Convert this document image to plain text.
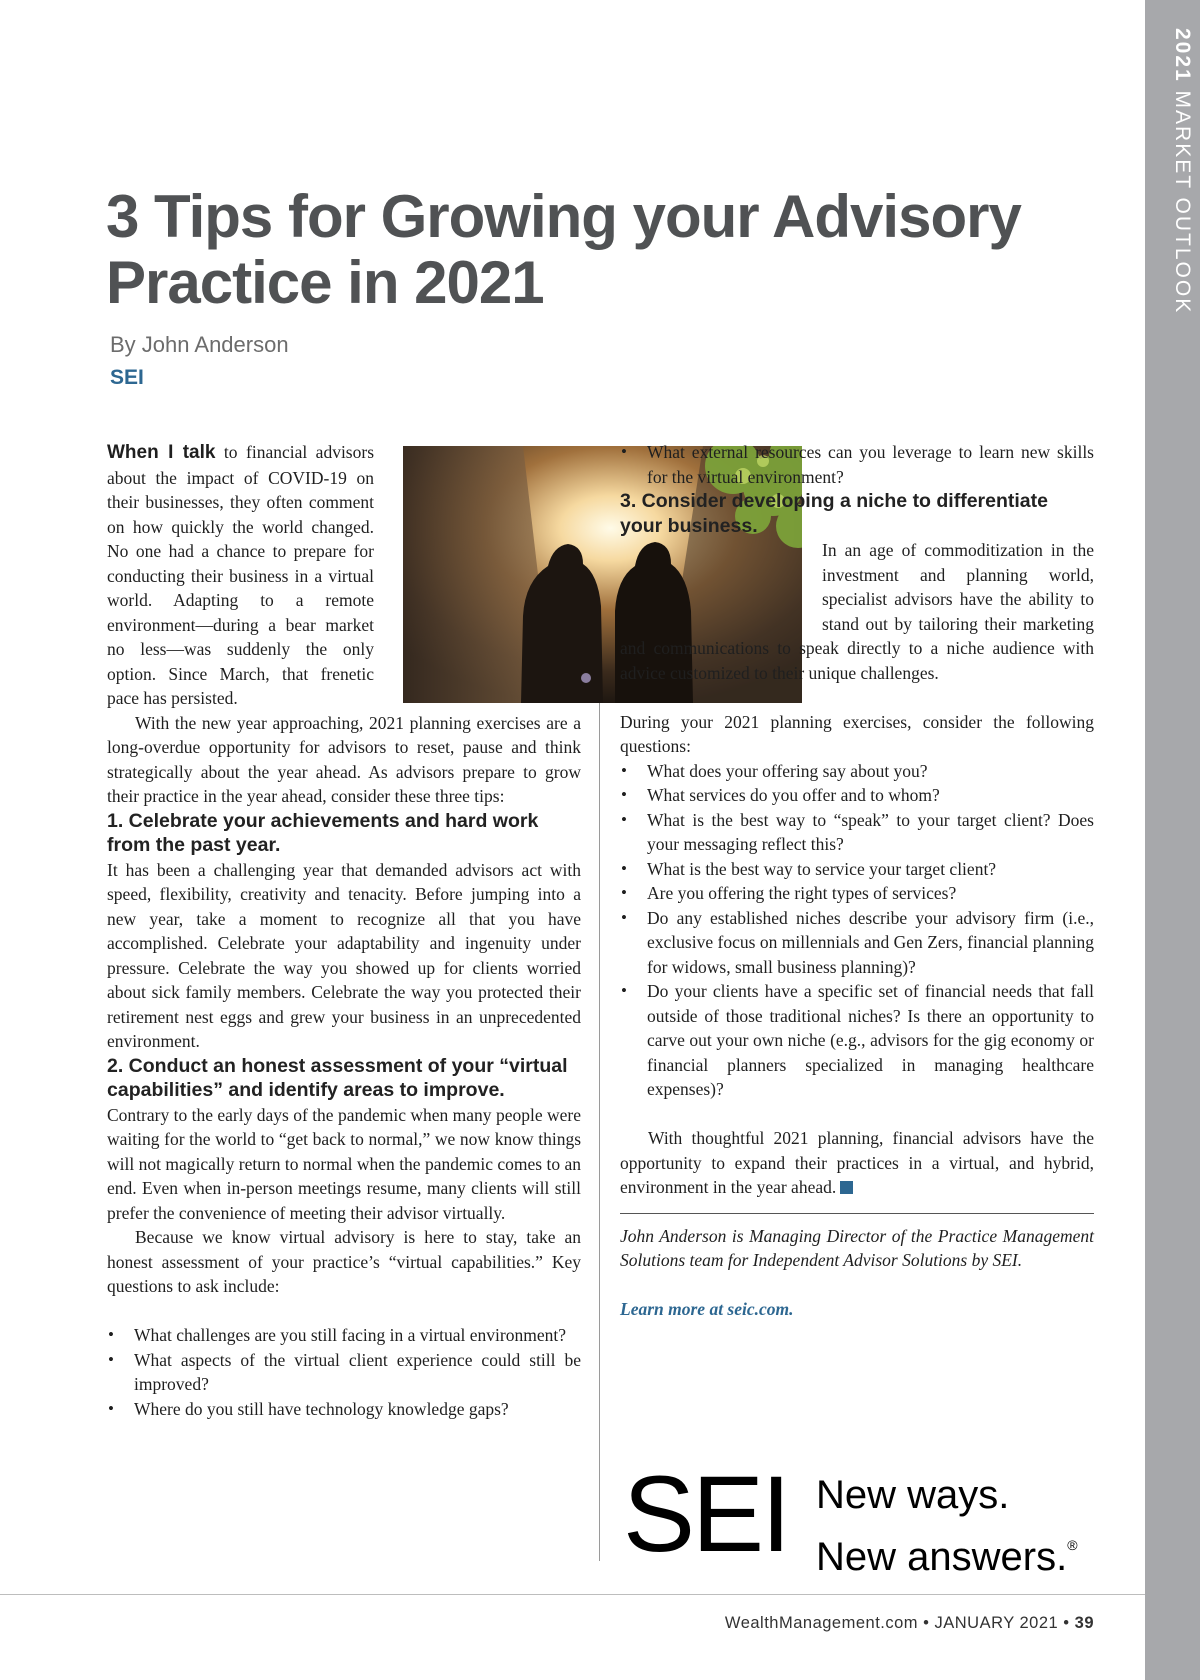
2021 MARKET OUTLOOK
3 Tips for Growing your Advisory
Practice in 2021

By John Anderson

SEI

When I talk to financial advisors about the impact of COVID-19 on their businesses, they often comment on how quickly the world changed. No one had a chance to prepare for conducting their business in a virtual world. Adapting to a remote environment—during a bear market no less—was suddenly the only option. Since March, that frenetic pace has persisted.

With the new year approaching, 2021 planning exercises are a long-overdue opportunity for advisors to reset, pause and think strategically about the year ahead. As advisors prepare to grow their practice in the year ahead, consider these three tips:

1. Celebrate your achievements and hard work from the past year.

It has been a challenging year that demanded advisors act with speed, flexibility, creativity and tenacity. Before jumping into a new year, take a moment to recognize all that you have accomplished. Celebrate your adaptability and ingenuity under pressure. Celebrate the way you showed up for clients worried about sick family members. Celebrate the way you protected their retirement nest eggs and grew your business in an unprecedented environment.

2. Conduct an honest assessment of your “virtual capabilities” and identify areas to improve.

Contrary to the early days of the pandemic when many people were waiting for the world to “get back to normal,” we now know things will not magically return to normal when the pandemic comes to an end. Even when in-person meetings resume, many clients will still prefer the convenience of meeting their advisor virtually.

Because we know virtual advisory is here to stay, take an honest assessment of your practice’s “virtual capabilities.” Key questions to ask include:

• What challenges are you still facing in a virtual environment?
• What aspects of the virtual client experience could still be improved?
• Where do you still have technology knowledge gaps?
• What external resources can you leverage to learn new skills for the virtual environment?

3. Consider developing a niche to differentiate your business.

In an age of commoditization in the investment and planning world, specialist advisors have the ability to stand out by tailoring their marketing and communications to speak directly to a niche audience with advice customized to their unique challenges.

During your 2021 planning exercises, consider the following questions:

• What does your offering say about you?
• What services do you offer and to whom?
• What is the best way to “speak” to your target client? Does your messaging reflect this?
• What is the best way to service your target client?
• Are you offering the right types of services?
• Do any established niches describe your advisory firm (i.e., exclusive focus on millennials and Gen Zers, financial planning for widows, small business planning)?
• Do your clients have a specific set of financial needs that fall outside of those traditional niches? Is there an opportunity to carve out your own niche (e.g., advisors for the gig economy or financial planners specialized in managing healthcare expenses)?

With thoughtful 2021 planning, financial advisors have the opportunity to expand their practices in a virtual, and hybrid, environment in the year ahead.

John Anderson is Managing Director of the Practice Management Solutions team for Independent Advisor Solutions by SEI.

Learn more at seic.com.

SEI New ways.
New answers.®

WealthManagement.com • JANUARY 2021 • 39
